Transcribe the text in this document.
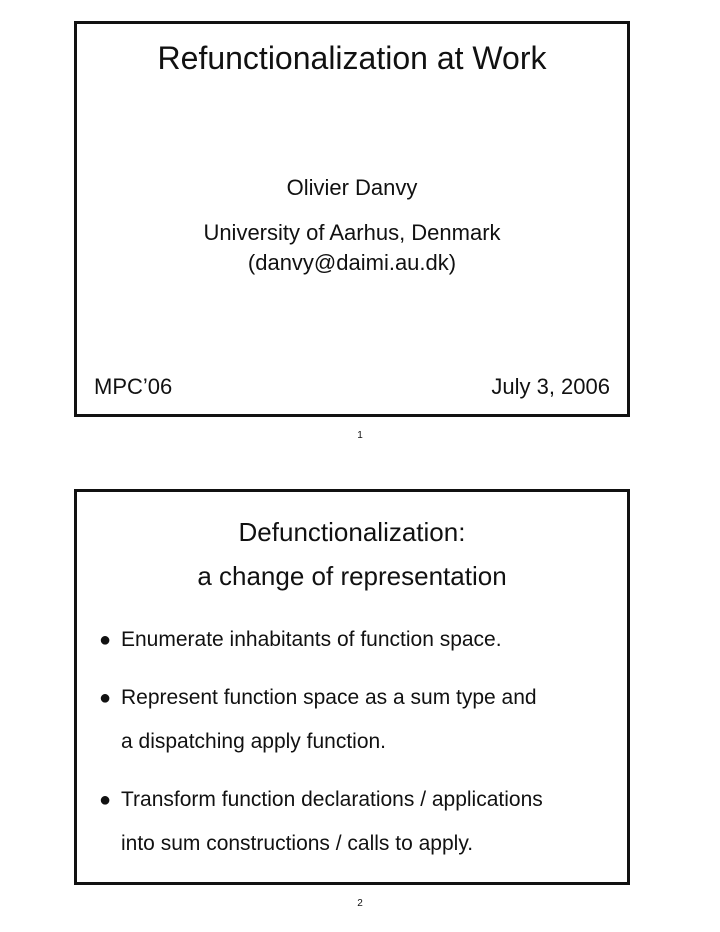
Refunctionalization at Work
Olivier Danvy
University of Aarhus, Denmark
(danvy@daimi.au.dk)
MPC’06	July 3, 2006
1
Defunctionalization:
a change of representation
● Enumerate inhabitants of function space.
● Represent function space as a sum type and
a dispatching apply function.
● Transform function declarations / applications
into sum constructions / calls to apply.
2
